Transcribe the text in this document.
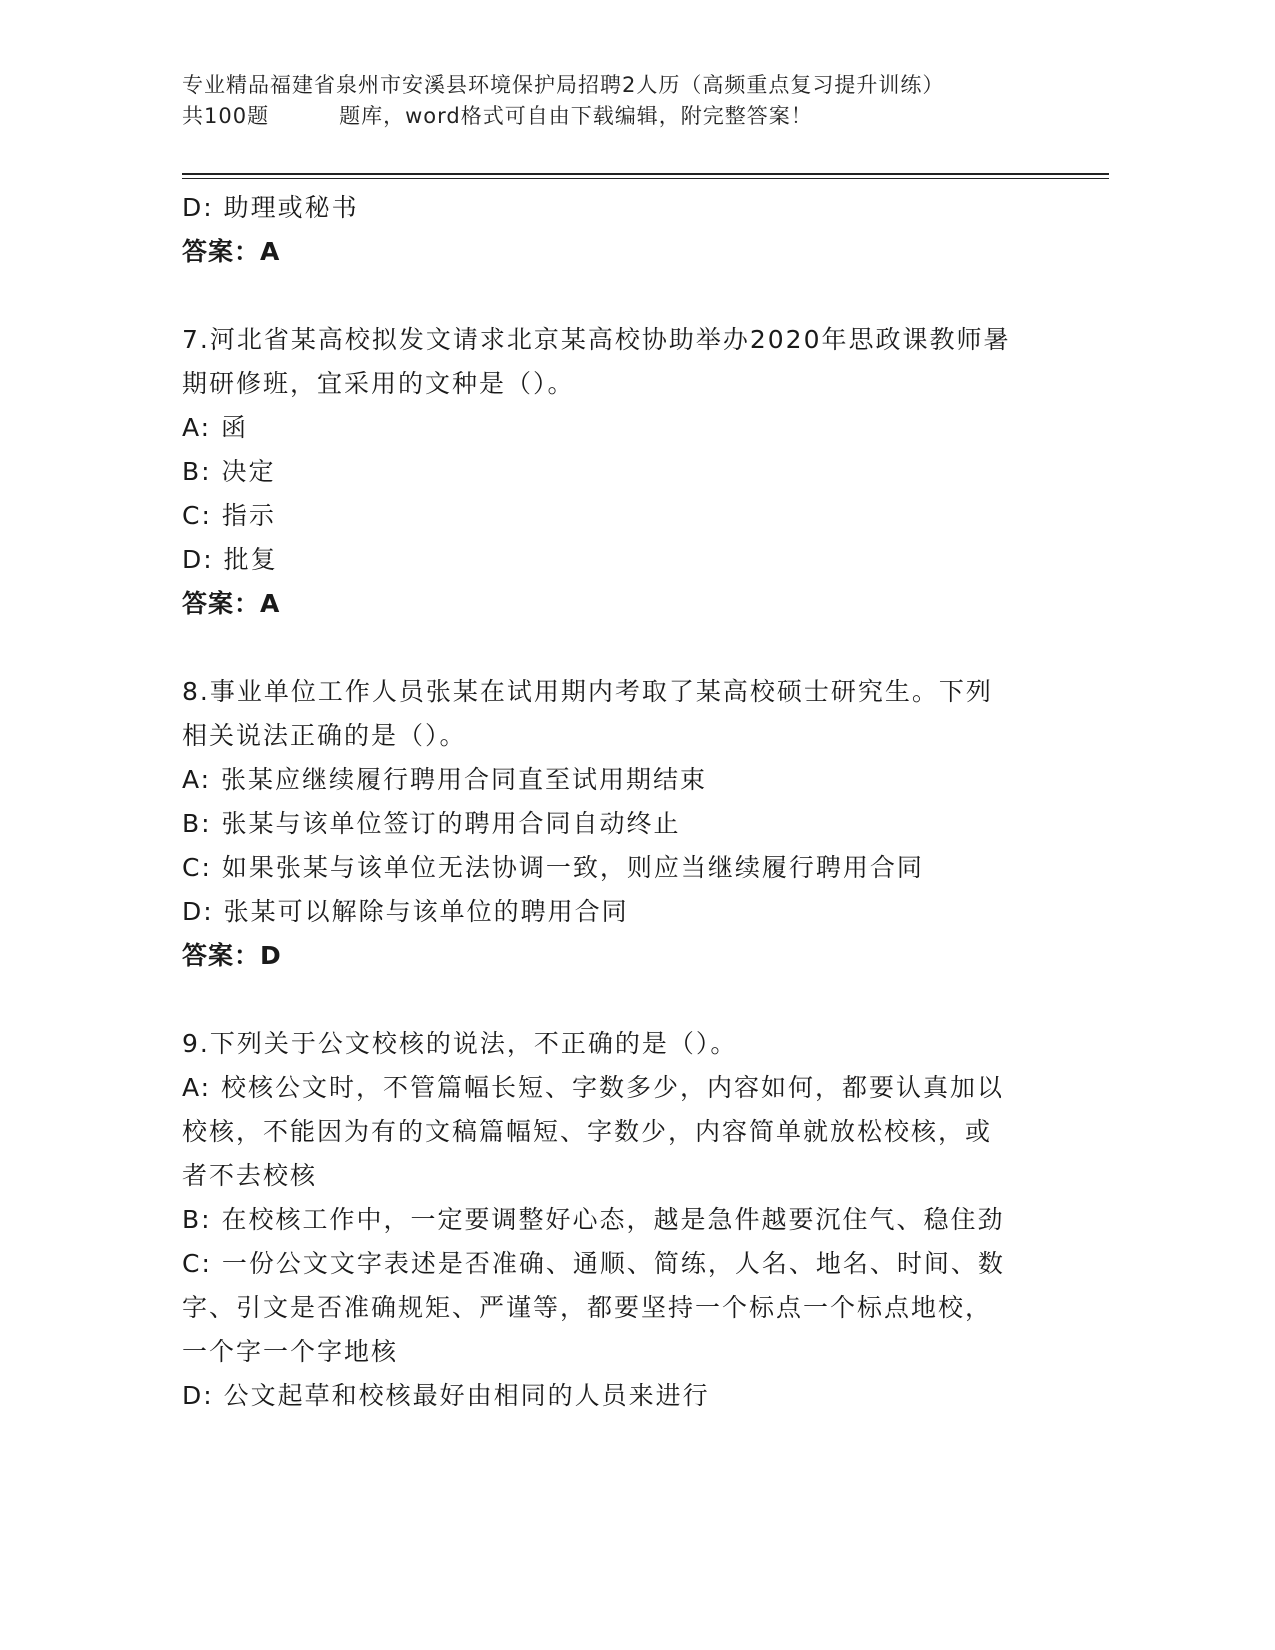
专业精品福建省泉州市安溪县环境保护局招聘2人历（高频重点复习提升训练）
共100题	题库，word格式可自由下载编辑，附完整答案！

D: 助理或秘书

答案：A

7.河北省某高校拟发文请求北京某高校协助举办2020年思政课教师暑

期研修班，宜采用的文种是（）。

A: 函

B: 决定

C: 指示

D: 批复

答案：A

8.事业单位工作人员张某在试用期内考取了某高校硕士研究生。下列

相关说法正确的是（）。

A: 张某应继续履行聘用合同直至试用期结束

B: 张某与该单位签订的聘用合同自动终止

C: 如果张某与该单位无法协调一致，则应当继续履行聘用合同

D: 张某可以解除与该单位的聘用合同

答案：D

9.下列关于公文校核的说法，不正确的是（）。

A: 校核公文时，不管篇幅长短、字数多少，内容如何，都要认真加以

校核，不能因为有的文稿篇幅短、字数少，内容简单就放松校核，或

者不去校核

B: 在校核工作中，一定要调整好心态，越是急件越要沉住气、稳住劲

C: 一份公文文字表述是否准确、通顺、简练，人名、地名、时间、数

字、引文是否准确规矩、严谨等，都要坚持一个标点一个标点地校，

一个字一个字地核

D: 公文起草和校核最好由相同的人员来进行
